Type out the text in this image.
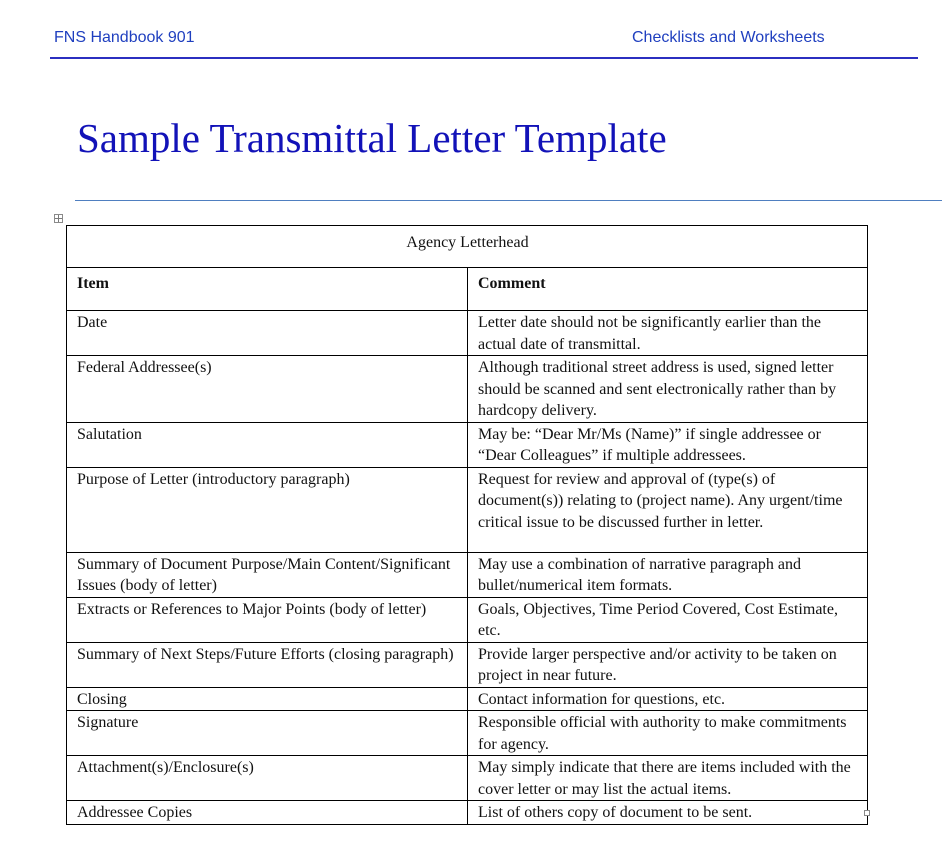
FNS Handbook 901	Checklists and Worksheets
Sample Transmittal Letter Template
Agency Letterhead	
Item	Comment
Date	Letter date should not be significantly earlier than the actual date of transmittal.
Federal Addressee(s)	Although traditional street address is used, signed letter should be scanned and sent electronically rather than by hardcopy delivery.
Salutation	May be: “Dear Mr/Ms (Name)” if single addressee or “Dear Colleagues” if multiple addressees.
Purpose of Letter (introductory paragraph)	Request for review and approval of (type(s) of document(s)) relating to (project name). Any urgent/time critical issue to be discussed further in letter.
Summary of Document Purpose/Main Content/Significant Issues (body of letter)	May use a combination of narrative paragraph and bullet/numerical item formats.
Extracts or References to Major Points (body of letter)	Goals, Objectives, Time Period Covered, Cost Estimate, etc.
Summary of Next Steps/Future Efforts (closing paragraph)	Provide larger perspective and/or activity to be taken on project in near future.
Closing	Contact information for questions, etc.
Signature	Responsible official with authority to make commitments for agency.
Attachment(s)/Enclosure(s)	May simply indicate that there are items included with the cover letter or may list the actual items.
Addressee Copies	List of others copy of document to be sent.
